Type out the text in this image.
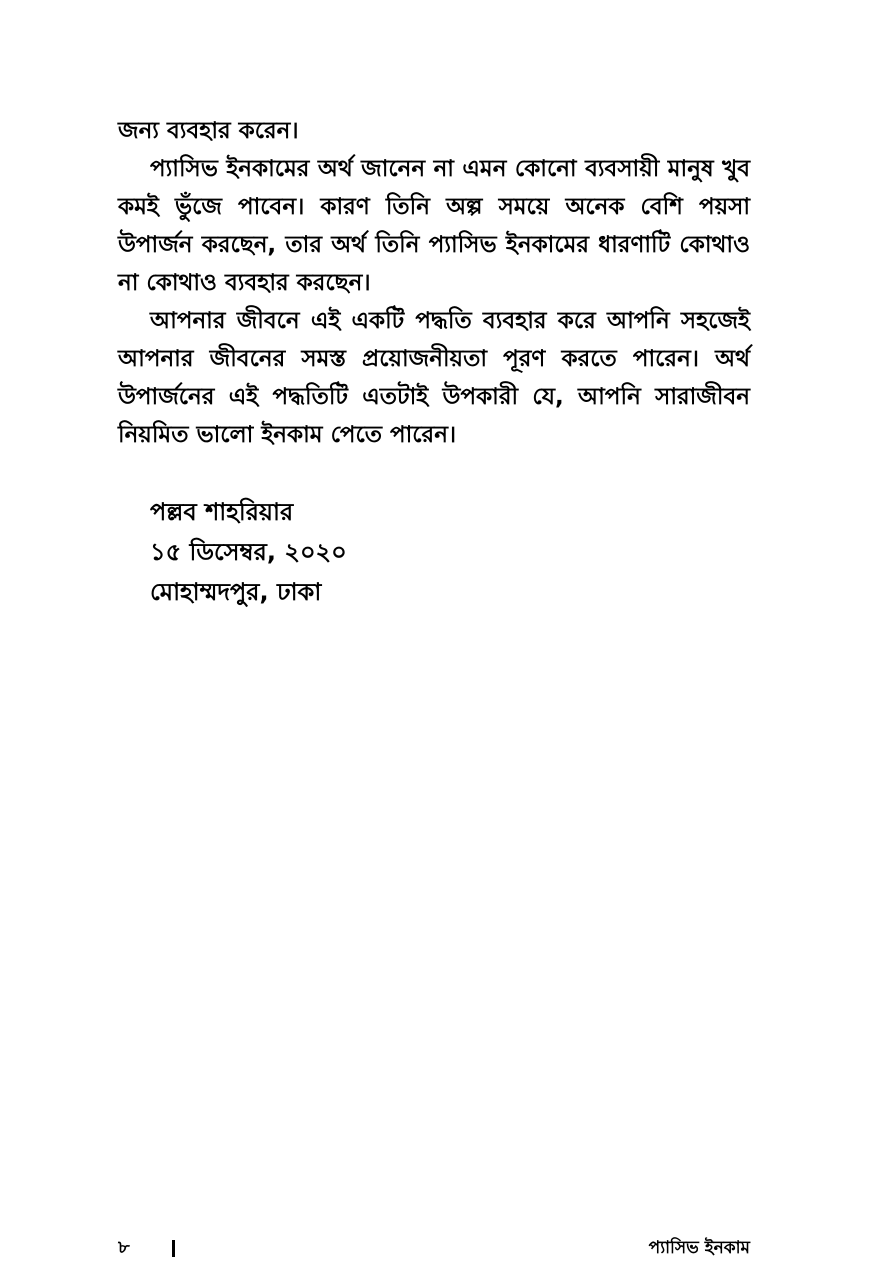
জন্য ব্যবহার করেন।

প্যাসিভ ইনকামের অর্থ জানেন না এমন কোনো ব্যবসায়ী মানুষ খুব কমই ভুঁজে পাবেন। কারণ তিনি অল্প সময়ে অনেক বেশি পয়সা উপার্জন করছেন, তার অর্থ তিনি প্যাসিভ ইনকামের ধারণাটি কোথাও না কোথাও ব্যবহার করছেন।

আপনার জীবনে এই একটি পদ্ধতি ব্যবহার করে আপনি সহজেই আপনার জীবনের সমস্ত প্রয়োজনীয়তা পূরণ করতে পারেন। অর্থ উপার্জনের এই পদ্ধতিটি এতটাই উপকারী যে, আপনি সারাজীবন নিয়মিত ভালো ইনকাম পেতে পারেন।

পল্লব শাহরিয়ার
১৫ ডিসেম্বর, ২০২০
মোহাম্মদপুর, ঢাকা
৮	প্যাসিভ ইনকাম
